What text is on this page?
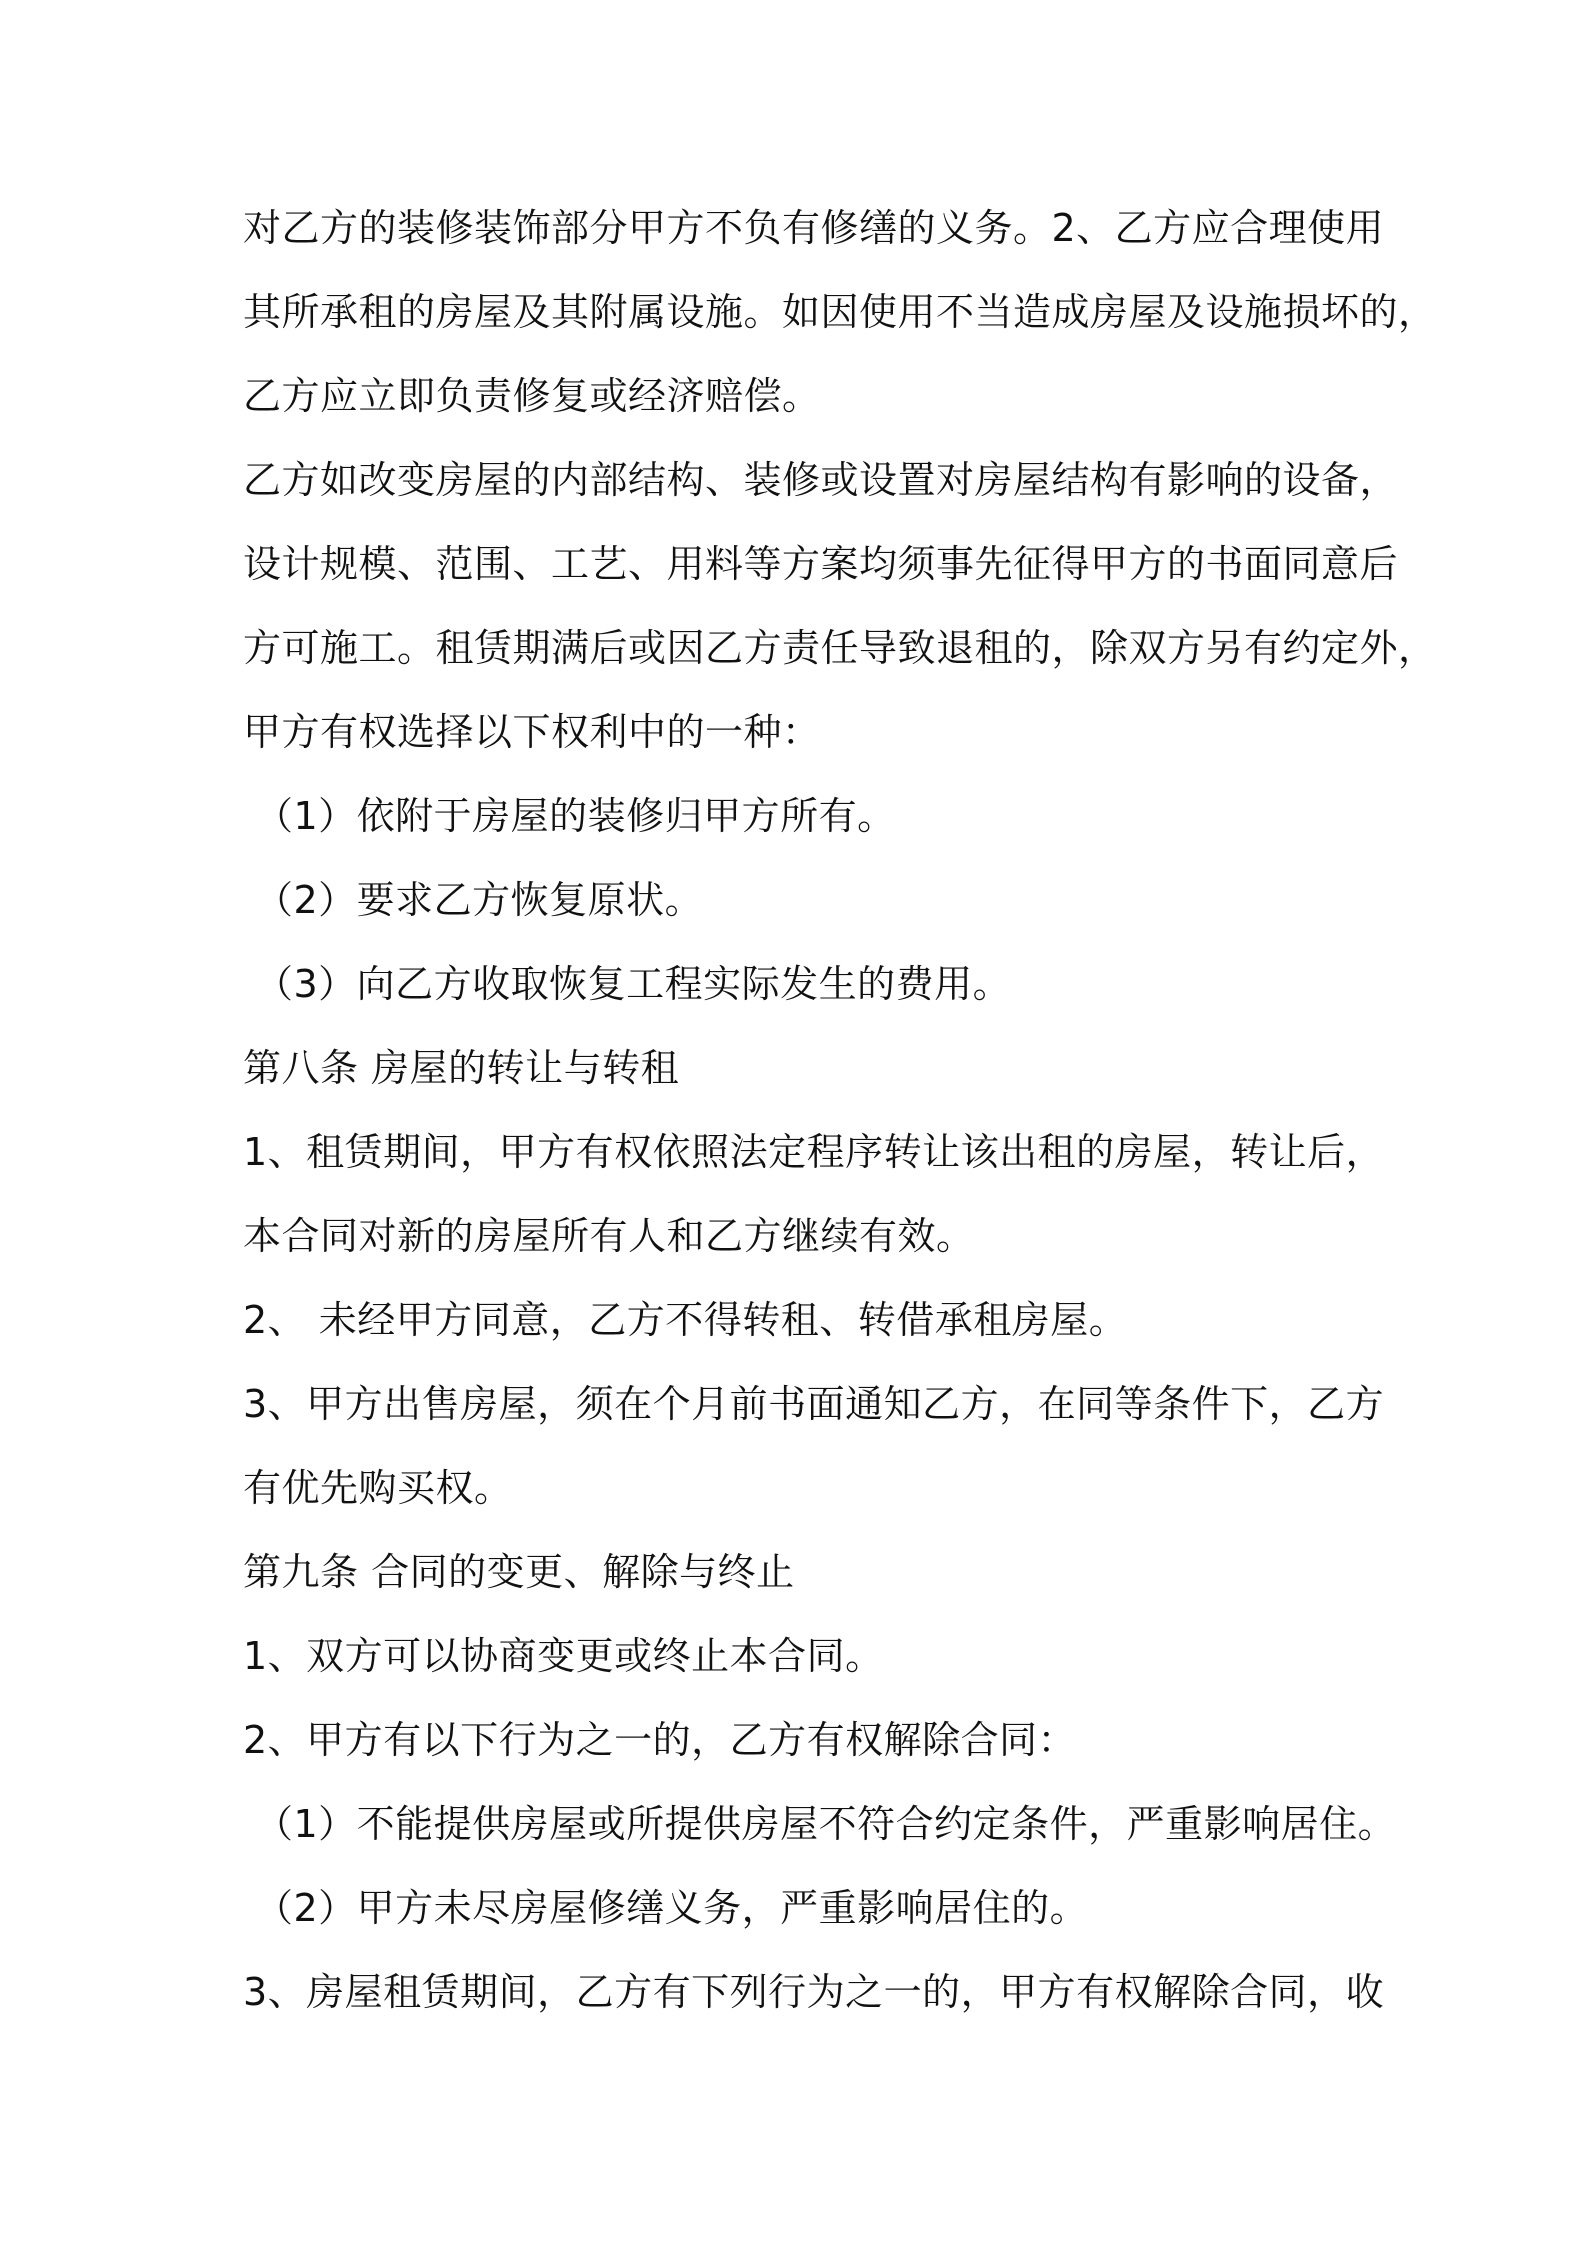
对乙方的装修装饰部分甲方不负有修缮的义务。2、乙方应合理使用
其所承租的房屋及其附属设施。如因使用不当造成房屋及设施损坏的，
乙方应立即负责修复或经济赔偿。
乙方如改变房屋的内部结构、装修或设置对房屋结构有影响的设备，
设计规模、范围、工艺、用料等方案均须事先征得甲方的书面同意后
方可施工。租赁期满后或因乙方责任导致退租的，除双方另有约定外，
甲方有权选择以下权利中的一种：
（1）依附于房屋的装修归甲方所有。
（2）要求乙方恢复原状。
（3）向乙方收取恢复工程实际发生的费用。
第八条 房屋的转让与转租
1、租赁期间，甲方有权依照法定程序转让该出租的房屋，转让后，
本合同对新的房屋所有人和乙方继续有效。
2、 未经甲方同意，乙方不得转租、转借承租房屋。
3、甲方出售房屋，须在个月前书面通知乙方，在同等条件下，乙方
有优先购买权。
第九条 合同的变更、解除与终止
1、双方可以协商变更或终止本合同。
2、甲方有以下行为之一的，乙方有权解除合同：
（1）不能提供房屋或所提供房屋不符合约定条件，严重影响居住。
（2）甲方未尽房屋修缮义务，严重影响居住的。
3、房屋租赁期间，乙方有下列行为之一的，甲方有权解除合同，收
